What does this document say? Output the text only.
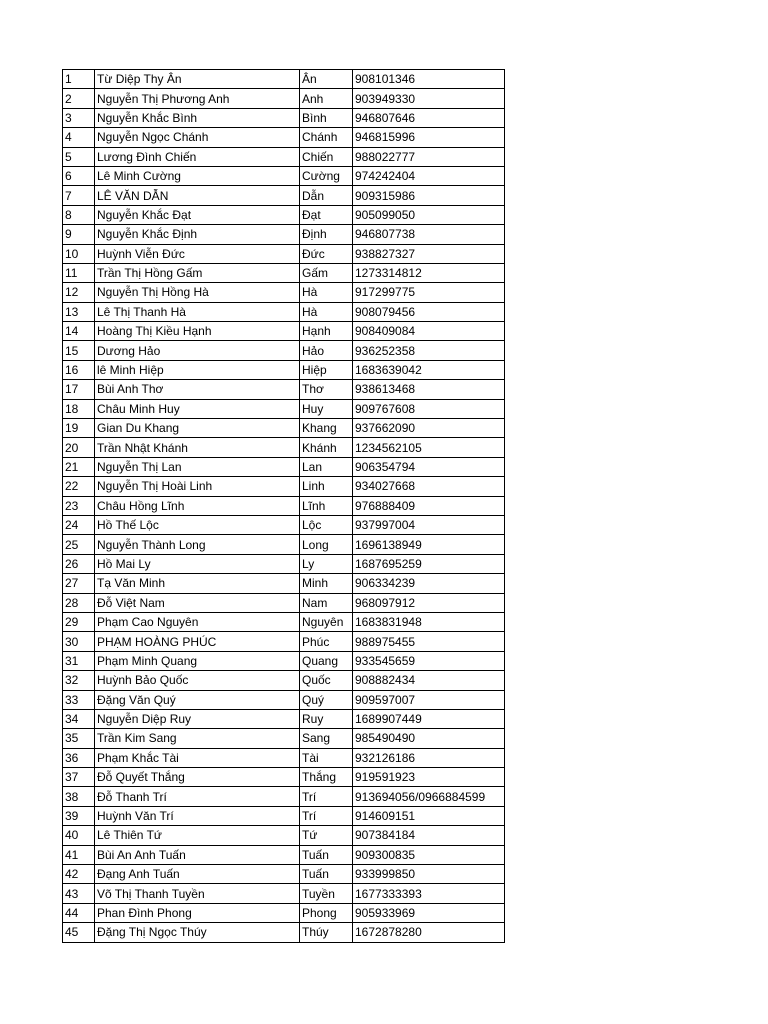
1	Từ Diệp Thy Ân	Ân	908101346
2	Nguyễn Thị Phương Anh	Anh	903949330
3	Nguyễn Khắc Bình	Bình	946807646
4	Nguyễn Ngọc Chánh	Chánh	946815996
5	Lương Đình Chiến	Chiến	988022777
6	Lê Minh Cường	Cường	974242404
7	LÊ VĂN DẪN	Dẫn	909315986
8	Nguyễn Khắc Đạt	Đạt	905099050
9	Nguyễn Khắc Định	Định	946807738
10	Huỳnh Viễn Đức	Đức	938827327
11	Trần Thị Hồng Gấm	Gấm	1273314812
12	Nguyễn Thị Hồng Hà	Hà	917299775
13	Lê Thị Thanh Hà	Hà	908079456
14	Hoàng Thị Kiều Hạnh	Hạnh	908409084
15	Dương Hảo	Hảo	936252358
16	lê Minh Hiệp	Hiệp	1683639042
17	Bùi Anh Thơ	Thơ	938613468
18	Châu Minh Huy	Huy	909767608
19	Gian Du Khang	Khang	937662090
20	Trần Nhật Khánh	Khánh	1234562105
21	Nguyễn Thị Lan	Lan	906354794
22	Nguyễn Thị Hoài Linh	Linh	934027668
23	Châu Hồng Lĩnh	Lĩnh	976888409
24	Hồ Thế Lộc	Lộc	937997004
25	Nguyễn Thành Long	Long	1696138949
26	Hồ Mai Ly	Ly	1687695259
27	Tạ Văn Minh	Minh	906334239
28	Đỗ Việt Nam	Nam	968097912
29	Phạm Cao Nguyên	Nguyên	1683831948
30	PHẠM HOÀNG PHÚC	Phúc	988975455
31	Phạm Minh Quang	Quang	933545659
32	Huỳnh Bảo Quốc	Quốc	908882434
33	Đặng Văn Quý	Quý	909597007
34	Nguyễn Diệp Ruy	Ruy	1689907449
35	Trần Kim Sang	Sang	985490490
36	Phạm Khắc Tài	Tài	932126186
37	Đỗ Quyết Thắng	Thắng	919591923
38	Đỗ Thanh Trí	Trí	913694056/0966884599
39	Huỳnh Văn Trí	Trí	914609151
40	Lê Thiên Tứ	Tứ	907384184
41	Bùi An Anh Tuấn	Tuấn	909300835
42	Đạng Anh Tuấn	Tuấn	933999850
43	Võ Thị Thanh Tuyền	Tuyền	1677333393
44	Phan Đình Phong	Phong	905933969
45	Đặng Thị Ngọc Thúy	Thúy	1672878280
